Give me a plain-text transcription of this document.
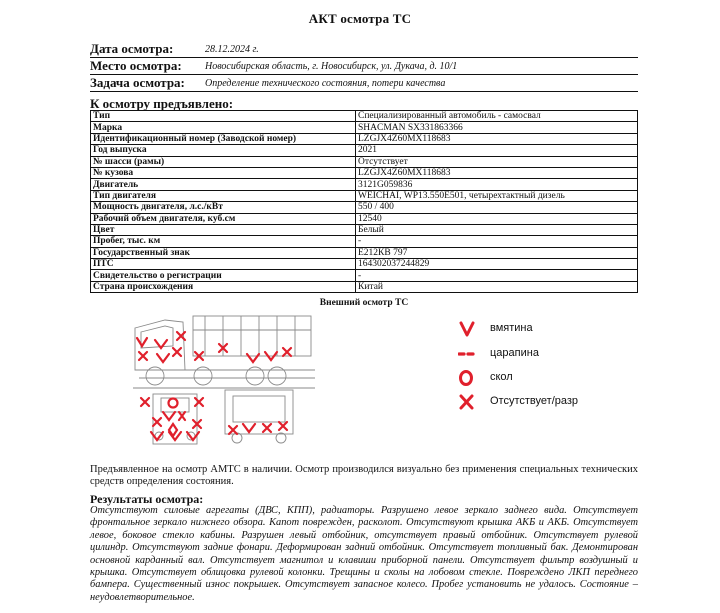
АКТ осмотра ТС
Дата осмотра:	28.12.2024 г.
Место осмотра: Новосибирская область, г. Новосибирск, ул. Дукача, д. 10/1
Задача осмотра: Определение технического состояния, потери качества
К осмотру предъявлено:
Тип	Специализированный автомобиль - самосвал
Марка	SHACMAN SX331863366
Идентификационный номер (Заводской номер)	LZGJX4Z60MX118683
Год выпуска	2021
№ шасси (рамы)	Отсутствует
№ кузова	LZGJX4Z60MX118683
Двигатель	3121G059836
Тип двигателя	WEICHAI, WP13.550E501, четырехтактный дизель
Мощность двигателя, л.с./кВт	550 / 400
Рабочий объем двигателя, куб.см	12540
Цвет	Белый
Пробег, тыс. км	-
Государственный знак	Е212КВ 797
ПТС	164302037244829
Свидетельство о регистрации	-
Страна происхождения	Китай
Внешний осмотр ТС
вмятина
царапина
скол
Отсутствует/разр
Предъявленное на осмотр АМТС в наличии. Осмотр производился визуально без применения специальных технических средств определения состояния.
Результаты осмотра:
Отсутствуют силовые агрегаты (ДВС, КПП), радиаторы. Разрушено левое зеркало заднего вида. Отсутствует фронтальное зеркало нижнего обзора. Капот поврежден, расколот. Отсутствуют крышка АКБ и АКБ. Отсутствует левое, боковое стекло кабины. Разрушен левый отбойник, отсутствует правый отбойник. Отсутствует рулевой цилиндр. Отсутствуют задние фонари. Деформирован задний отбойник. Отсутствует топливный бак. Демонтирован основной карданный вал. Отсутствует магнитол и клавиши приборной панели. Отсутствует фильтр воздушный и крышка. Отсутствует облицовка рулевой колонки. Трещины и сколы на лобовом стекле. Повреждено ЛКП переднего бампера. Существенный износ покрышек. Отсутствует запасное колесо. Пробег установить не удалось. Состояние – неудовлетворительное.
